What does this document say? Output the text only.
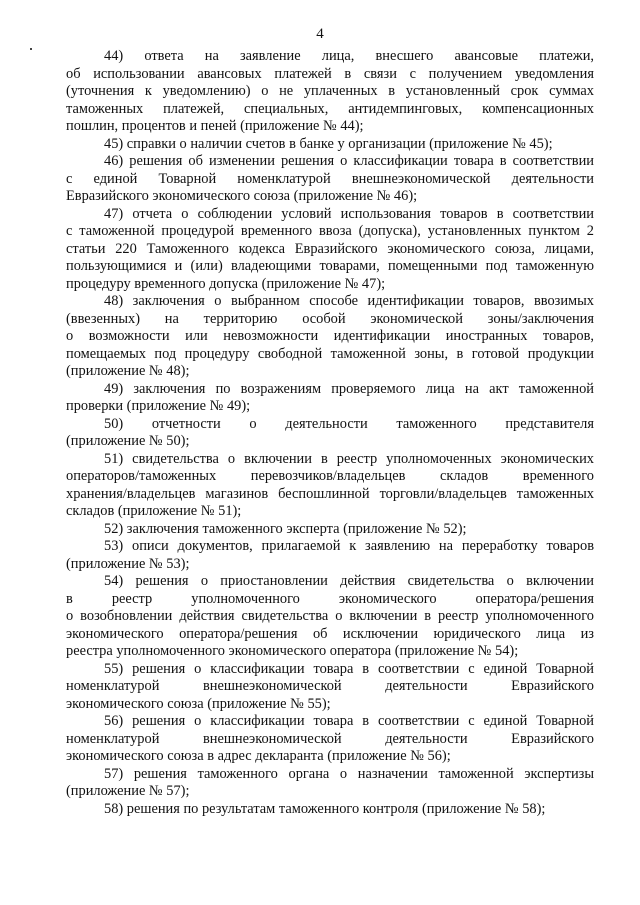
4

44) ответа на заявление лица, внесшего авансовые платежи,
об использовании авансовых платежей в связи с получением уведомления
(уточнения к уведомлению) о не уплаченных в установленный срок суммах
таможенных платежей, специальных, антидемпинговых, компенсационных
пошлин, процентов и пеней (приложение № 44);

45) справки о наличии счетов в банке у организации (приложение № 45);

46) решения об изменении решения о классификации товара в соответствии
с единой Товарной номенклатурой внешнеэкономической деятельности
Евразийского экономического союза (приложение № 46);

47) отчета о соблюдении условий использования товаров в соответствии
с таможенной процедурой временного ввоза (допуска), установленных пунктом 2
статьи 220 Таможенного кодекса Евразийского экономического союза, лицами,
пользующимися и (или) владеющими товарами, помещенными под таможенную
процедуру временного допуска (приложение № 47);

48) заключения о выбранном способе идентификации товаров, ввозимых
(ввезенных) на территорию особой экономической зоны/заключения
о возможности или невозможности идентификации иностранных товаров,
помещаемых под процедуру свободной таможенной зоны, в готовой продукции
(приложение № 48);

49) заключения по возражениям проверяемого лица на акт таможенной
проверки (приложение № 49);

50) отчетности о деятельности таможенного представителя
(приложение № 50);

51) свидетельства о включении в реестр уполномоченных экономических
операторов/таможенных перевозчиков/владельцев складов временного
хранения/владельцев магазинов беспошлинной торговли/владельцев таможенных
складов (приложение № 51);

52) заключения таможенного эксперта (приложение № 52);

53) описи документов, прилагаемой к заявлению на переработку товаров
(приложение № 53);

54) решения о приостановлении действия свидетельства о включении
в реестр уполномоченного экономического оператора/решения
о возобновлении действия свидетельства о включении в реестр уполномоченного
экономического оператора/решения об исключении юридического лица из
реестра уполномоченного экономического оператора (приложение № 54);

55) решения о классификации товара в соответствии с единой Товарной
номенклатурой внешнеэкономической деятельности Евразийского
экономического союза (приложение № 55);

56) решения о классификации товара в соответствии с единой Товарной
номенклатурой внешнеэкономической деятельности Евразийского
экономического союза в адрес декларанта (приложение № 56);

57) решения таможенного органа о назначении таможенной экспертизы
(приложение № 57);

58) решения по результатам таможенного контроля (приложение № 58);
